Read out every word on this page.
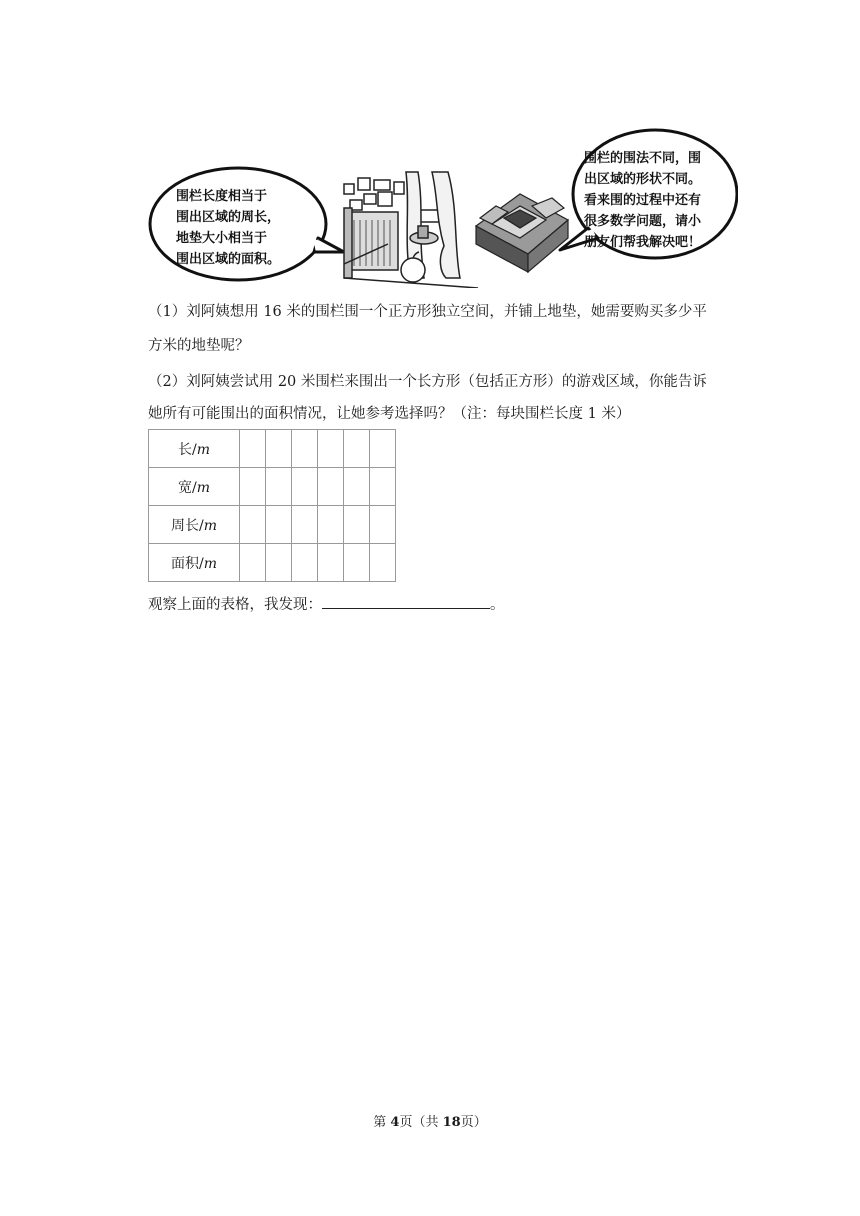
围栏长度相当于
围出区域的周长，
地垫大小相当于
围出区域的面积。
围栏的围法不同，围
出区域的形状不同。
看来围的过程中还有
很多数学问题，请小
朋友们帮我解决吧！

（1）刘阿姨想用 16 米的围栏围一个正方形独立空间，并铺上地垫，她需要购买多少平

方米的地垫呢？

（2）刘阿姨尝试用 20 米围栏来围出一个长方形（包括正方形）的游戏区域，你能告诉

她所有可能围出的面积情况，让她参考选择吗？（注：每块围栏长度 1 米）

长/m						
宽/m						
周长/m						
面积/m						
观察上面的表格，我发现：	。
第 4页（共 18页）
